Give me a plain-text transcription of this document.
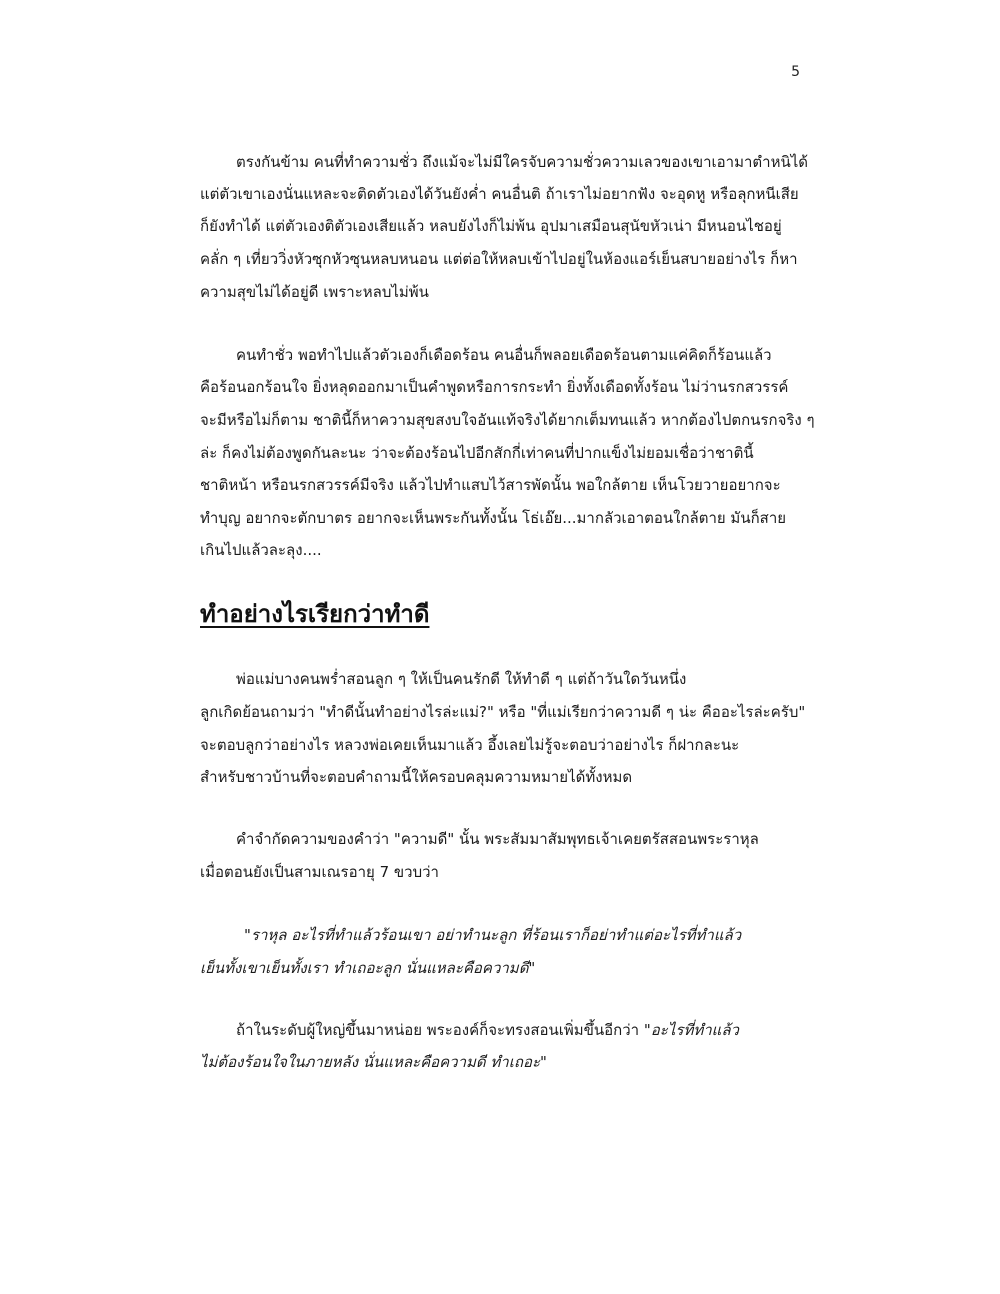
5
ตรงกันข้าม คนที่ทำความชั่ว ถึงแม้จะไม่มีใครจับความชั่วความเลวของเขาเอามาตำหนิได้
แต่ตัวเขาเองนั่นแหละจะติดตัวเองได้วันยังค่ำ คนอื่นติ ถ้าเราไม่อยากฟัง จะอุดหู หรือลุกหนีเสีย
ก็ยังทำได้ แต่ตัวเองติตัวเองเสียแล้ว หลบยังไงก็ไม่พ้น อุปมาเสมือนสุนัขหัวเน่า มีหนอนไชอยู่
คลั่ก ๆ เที่ยววิ่งหัวซุกหัวซุนหลบหนอน แต่ต่อให้หลบเข้าไปอยู่ในห้องแอร์เย็นสบายอย่างไร ก็หา
ความสุขไม่ได้อยู่ดี เพราะหลบไม่พ้น
คนทำชั่ว พอทำไปแล้วตัวเองก็เดือดร้อน คนอื่นก็พลอยเดือดร้อนตามแค่คิดก็ร้อนแล้ว
คือร้อนอกร้อนใจ ยิ่งหลุดออกมาเป็นคำพูดหรือการกระทำ ยิ่งทั้งเดือดทั้งร้อน ไม่ว่านรกสวรรค์
จะมีหรือไม่ก็ตาม ชาตินี้ก็หาความสุขสงบใจอันแท้จริงได้ยากเต็มทนแล้ว หากต้องไปตกนรกจริง ๆ
ล่ะ ก็คงไม่ต้องพูดกันละนะ ว่าจะต้องร้อนไปอีกสักกี่เท่าคนที่ปากแข็งไม่ยอมเชื่อว่าชาตินี้
ชาติหน้า หรือนรกสวรรค์มีจริง แล้วไปทำแสบไว้สารพัดนั้น พอใกล้ตาย เห็นโวยวายอยากจะ
ทำบุญ อยากจะตักบาตร อยากจะเห็นพระกันทั้งนั้น โธ่เอ๊ย...มากลัวเอาตอนใกล้ตาย มันก็สาย
เกินไปแล้วละลุง....
ทำอย่างไรเรียกว่าทำดี
พ่อแม่บางคนพร่ำสอนลูก ๆ ให้เป็นคนรักดี ให้ทำดี ๆ แต่ถ้าวันใดวันหนึ่ง
ลูกเกิดย้อนถามว่า "ทำดีนั้นทำอย่างไรล่ะแม่?" หรือ "ที่แม่เรียกว่าความดี ๆ น่ะ คืออะไรล่ะครับ"
จะตอบลูกว่าอย่างไร หลวงพ่อเคยเห็นมาแล้ว อึ้งเลยไม่รู้จะตอบว่าอย่างไร ก็ฝากละนะ
สำหรับชาวบ้านที่จะตอบคำถามนี้ให้ครอบคลุมความหมายได้ทั้งหมด
คำจำกัดความของคำว่า "ความดี" นั้น พระสัมมาสัมพุทธเจ้าเคยตรัสสอนพระราหุล
เมื่อตอนยังเป็นสามเณรอายุ 7 ขวบว่า
"ราหุล อะไรที่ทำแล้วร้อนเขา อย่าทำนะลูก ที่ร้อนเราก็อย่าทำแต่อะไรที่ทำแล้ว
เย็นทั้งเขาเย็นทั้งเรา ทำเถอะลูก นั่นแหละคือความดี"
ถ้าในระดับผู้ใหญ่ขึ้นมาหน่อย พระองค์ก็จะทรงสอนเพิ่มขึ้นอีกว่า "อะไรที่ทำแล้ว
ไม่ต้องร้อนใจในภายหลัง นั่นแหละคือความดี ทำเถอะ"
